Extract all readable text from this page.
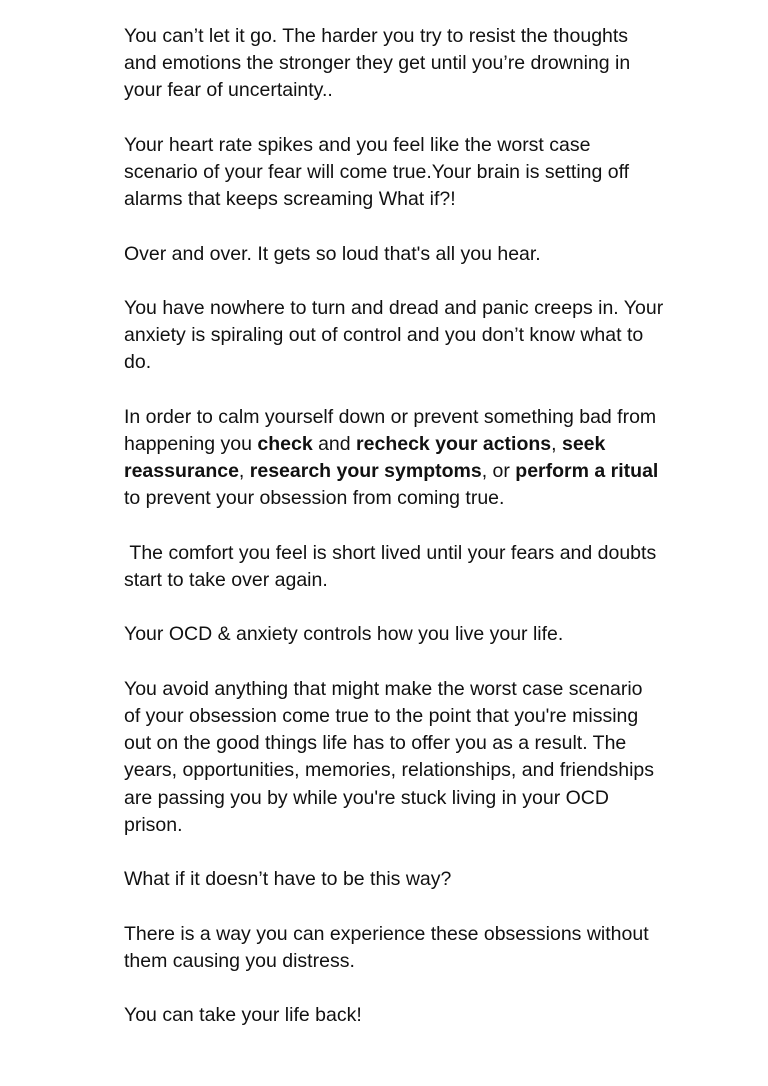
You can’t let it go. The harder you try to resist the thoughts and emotions the stronger they get until you’re drowning in your fear of uncertainty..

Your heart rate spikes and you feel like the worst case scenario of your fear will come true.Your brain is setting off alarms that keeps screaming What if?!

Over and over. It gets so loud that's all you hear.

You have nowhere to turn and dread and panic creeps in. Your anxiety is spiraling out of control and you don’t know what to do.

In order to calm yourself down or prevent something bad from happening you check and recheck your actions, seek reassurance, research your symptoms, or perform a ritual to prevent your obsession from coming true.

The comfort you feel is short lived until your fears and doubts start to take over again.

Your OCD & anxiety controls how you live your life.

You avoid anything that might make the worst case scenario of your obsession come true to the point that you're missing out on the good things life has to offer you as a result. The years, opportunities, memories, relationships, and friendships are passing you by while you're stuck living in your OCD prison.

What if it doesn’t have to be this way?

There is a way you can experience these obsessions without them causing you distress.

You can take your life back!
